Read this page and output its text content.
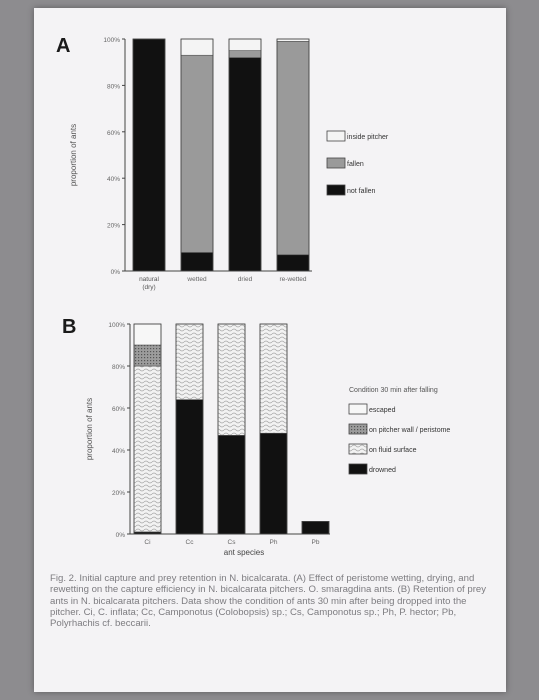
A
0%
20%
40%
60%
80%
100%
proportion of ants
natural
(dry)
wetted	dried	re-wetted
inside pitcher
fallen
not fallen
B
0%
20%
40%
60%
80%
100%
proportion of ants
Ci	Cc	Cs	Ph	Pb
ant species
Condition 30 min after falling
escaped
on pitcher wall / peristome
on fluid surface
drowned

Fig. 2. Initial capture and prey retention in N. bicalcarata. (A) Effect of peristome wetting, drying, and rewetting on the capture efficiency in N. bicalcarata pitchers. O. smaragdina ants. (B) Retention of prey ants in N. bicalcarata pitchers. Data show the condition of ants 30 min after being dropped into the pitcher. Ci, C. inflata; Cc, Camponotus (Colobopsis) sp.; Cs, Camponotus sp.; Ph, P. hector; Pb, Polyrhachis cf. beccarii.
